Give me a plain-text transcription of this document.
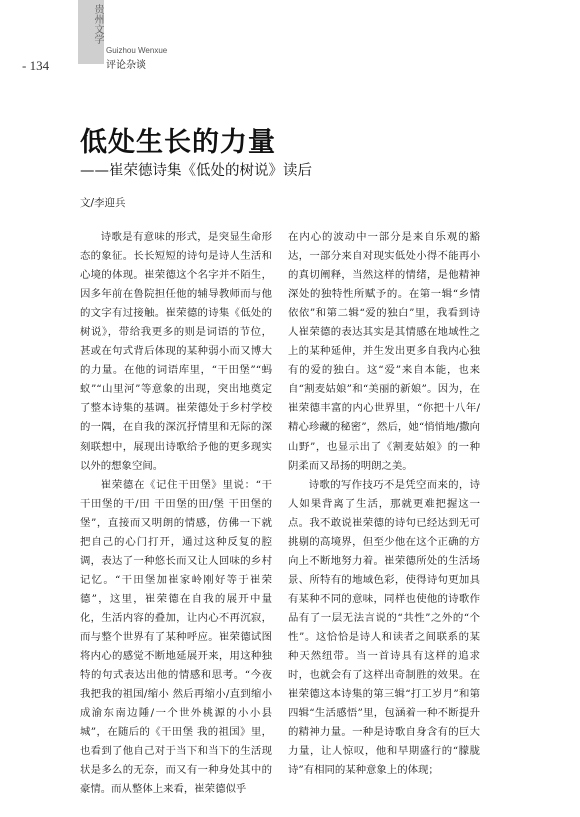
贵州文学
- 134
Guizhou Wenxue
评论杂谈
低处生长的力量
——崔荣德诗集《低处的树说》读后
文/李迎兵

诗歌是有意味的形式，是突显生命形态的象征。长长短短的诗句是诗人生活和心境的体现。崔荣德这个名字并不陌生，因多年前在鲁院担任他的辅导教师而与他的文字有过接触。崔荣德的诗集《低处的树说》，带给我更多的则是词语的节位，甚或在句式背后体现的某种弱小而又博大的力量。在他的词语库里，“干田堡”“蚂蚁”“山里河”等意象的出现，突出地奠定了整本诗集的基调。崔荣德处于乡村学校的一隅，在自我的深沉抒情里和无际的深刻联想中，展现出诗歌给予他的更多现实以外的想象空间。

崔荣德在《记住干田堡》里说：“干干田堡的干/田 干田堡的田/堡 干田堡的堡”，直接而又明朗的情感，仿佛一下就把自己的心门打开，通过这种反复的腔调，表达了一种悠长而又让人回味的乡村记忆。“干田堡加崔家岭刚好等于崔荣德”，这里，崔荣德在自我的展开中量化，生活内容的叠加，让内心不再沉寂，而与整个世界有了某种呼应。崔荣德试图将内心的感觉不断地延展开来，用这种独特的句式表达出他的情感和思考。“今夜 我把我的祖国/缩小 然后再缩小/直到缩小成渝东南边陲/一个世外桃源的小小县城”，在随后的《干田堡 我的祖国》里，也看到了他自己对于当下和当下的生活现状是多么的无奈，而又有一种身处其中的豪情。而从整体上来看，崔荣德似乎

在内心的波动中一部分是来自乐观的豁达，一部分来自对现实低处小得不能再小的真切阐释，当然这样的情绪，是他精神深处的独特性所赋予的。在第一辑“乡情依依”和第二辑“爱的独白”里，我看到诗人崔荣德的表达其实是其情感在地域性之上的某种延伸，并生发出更多自我内心独有的爱的独白。这“爱”来自本能，也来自“割麦姑娘”和“美丽的新娘”。因为，在崔荣德丰富的内心世界里，“你把十八年/精心珍藏的秘密”，然后，她“悄悄地/撒向山野”，也显示出了《割麦姑娘》的一种阴柔而又昂扬的明朗之美。

诗歌的写作技巧不是凭空而来的，诗人如果背离了生活，那就更难把握这一点。我不敢说崔荣德的诗句已经达到无可挑剔的高境界，但至少他在这个正确的方向上不断地努力着。崔荣德所处的生活场景、所特有的地域色彩，使得诗句更加具有某种不同的意味，同样也使他的诗歌作品有了一层无法言说的“共性”之外的“个性”。这恰恰是诗人和读者之间联系的某种天然纽带。当一首诗具有这样的追求时，也就会有了这样出奇制胜的效果。在崔荣德这本诗集的第三辑“打工岁月”和第四辑“生活感悟”里，包涵着一种不断提升的精神力量。一种是诗歌自身含有的巨大力量，让人惊叹，他和早期盛行的“朦胧诗”有相同的某种意象上的体现；
